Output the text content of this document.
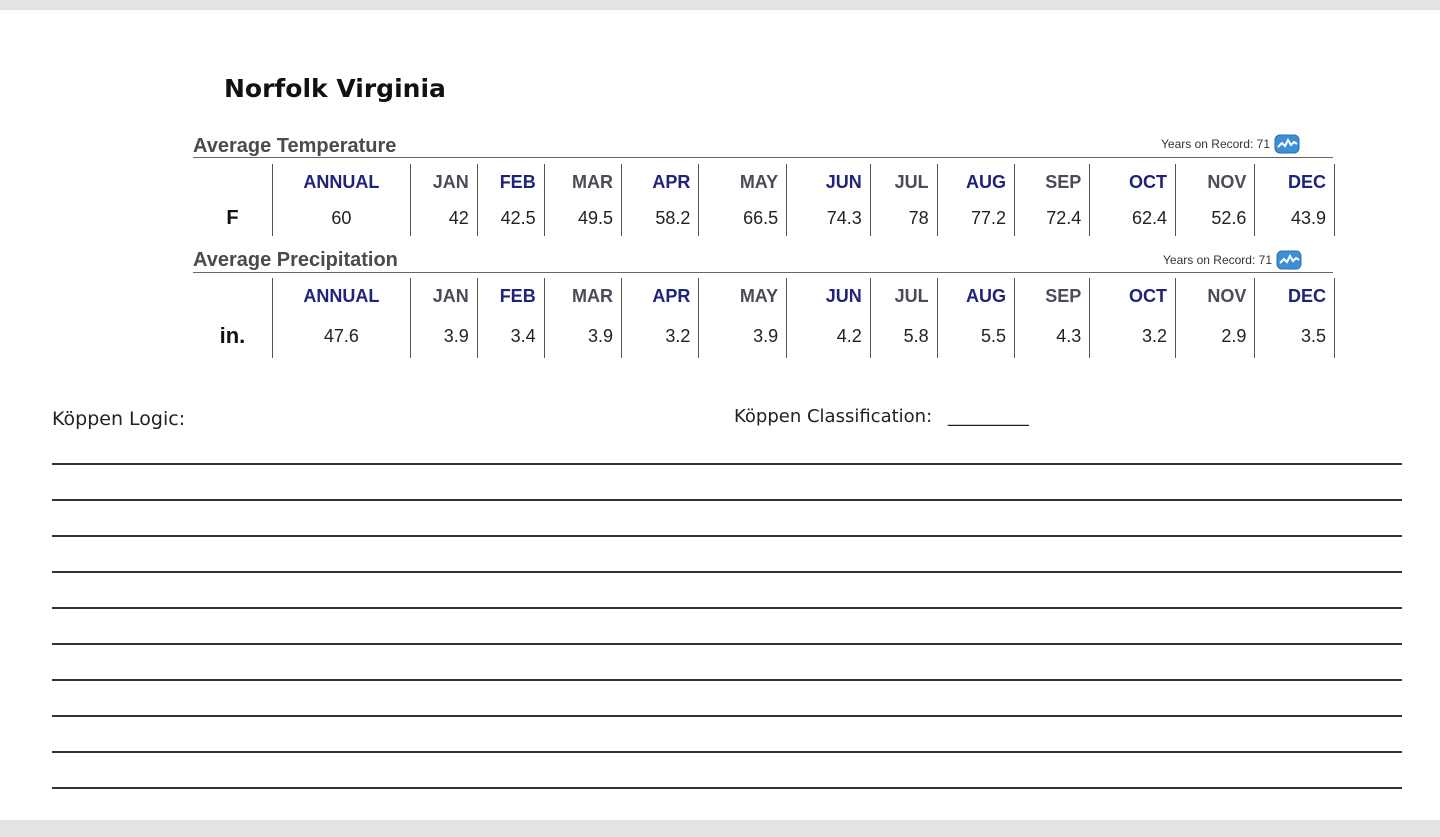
Norfolk Virginia
Average Temperature	Years on Record: 71
	ANNUAL	JAN	FEB	MAR	APR	MAY	JUN	JUL	AUG	SEP	OCT	NOV	DEC
F	60	42	42.5	49.5	58.2	66.5	74.3	78	77.2	72.4	62.4	52.6	43.9
Average Precipitation	Years on Record: 71
	ANNUAL	JAN	FEB	MAR	APR	MAY	JUN	JUL	AUG	SEP	OCT	NOV	DEC
in.	47.6	3.9	3.4	3.9	3.2	3.9	4.2	5.8	5.5	4.3	3.2	2.9	3.5
Köppen Logic:	Köppen Classification: _________
